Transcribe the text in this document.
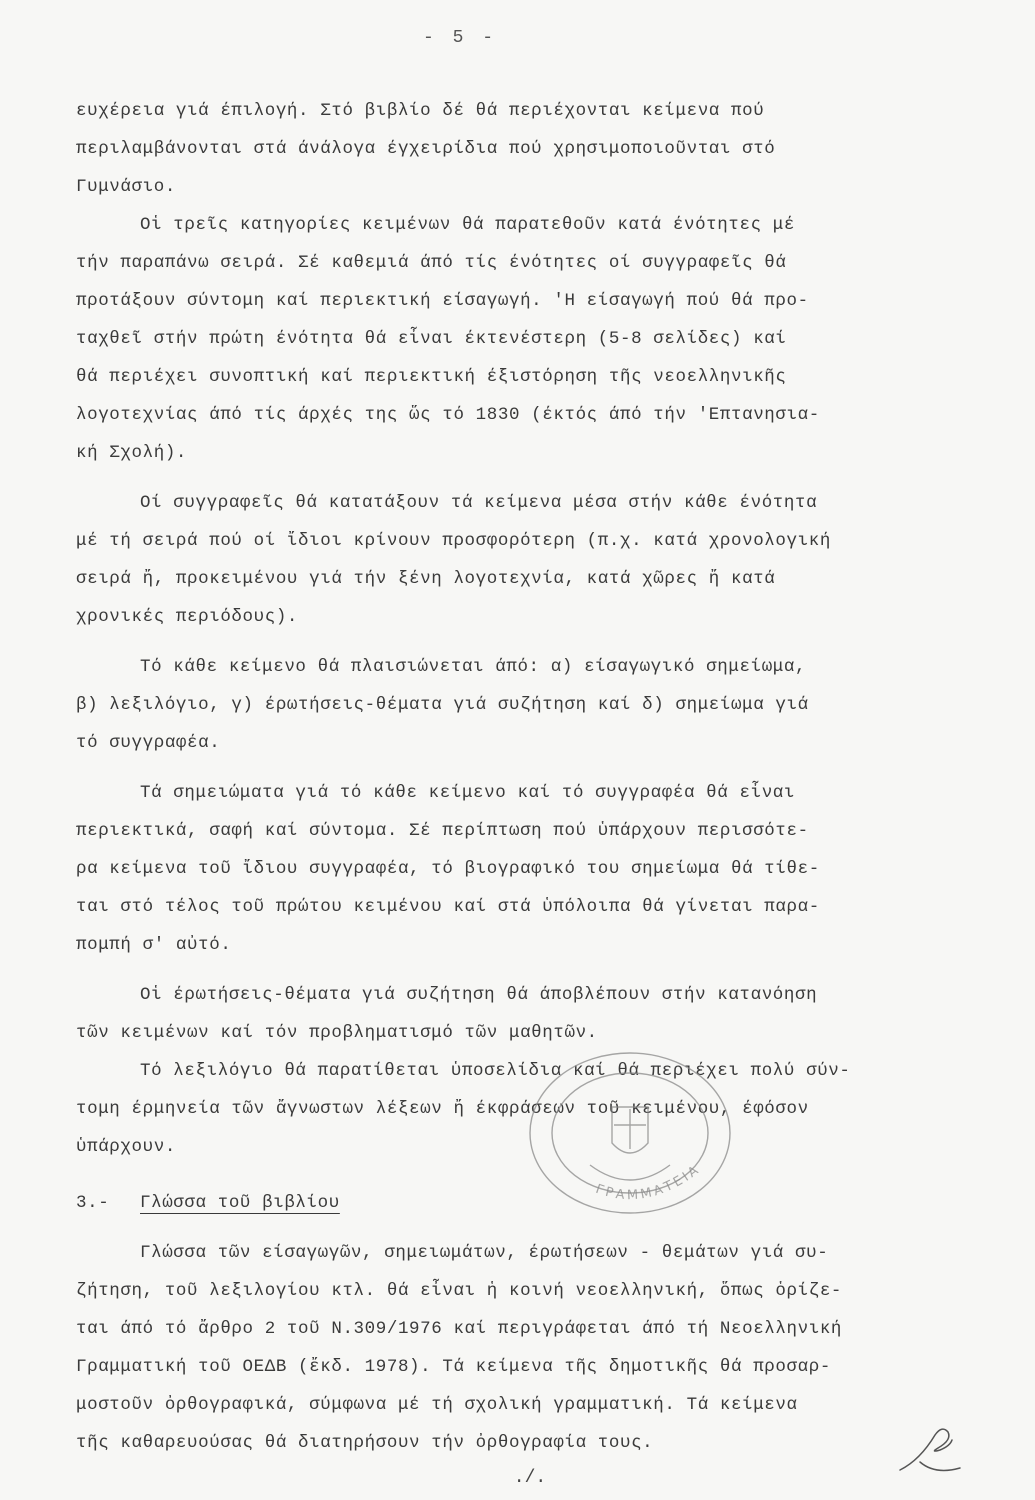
- 5 -

ευχέρεια γιά έπιλογή. Στό βιβλίο δέ θά περιέχονται κείμενα πού
περιλαμβάνονται στά άνάλογα έγχειρίδια πού χρησιμοποιοῦνται στό
Γυμνάσιο.

Οἱ τρεῖς κατηγορίες κειμένων θά παρατεθοῦν κατά ένότητες μέ
τήν παραπάνω σειρά. Σέ καθεμιά άπό τίς ένότητες οί συγγραφεῖς θά
προτάξουν σύντομη καί περιεκτική είσαγωγή. 'Η είσαγωγή πού θά προ-
ταχθεῖ στήν πρώτη ένότητα θά εἶναι έκτενέστερη (5-8 σελίδες) καί
θά περιέχει συνοπτική καί περιεκτική έξιστόρηση τῆς νεοελληνικῆς
λογοτεχνίας άπό τίς άρχές της ὥς τό 1830 (έκτός άπό τήν 'Επτανησια-
κή Σχολή).

Οί συγγραφεῖς θά κατατάξουν τά κείμενα μέσα στήν κάθε ένότητα
μέ τή σειρά πού οί ἴδιοι κρίνουν προσφορότερη (π.χ. κατά χρονολογική
σειρά ἤ, προκειμένου γιά τήν ξένη λογοτεχνία, κατά χῶρες ἤ κατά
χρονικές περιόδους).

Τό κάθε κείμενο θά πλαισιώνεται άπό: α) είσαγωγικό σημείωμα,
β) λεξιλόγιο, γ) έρωτήσεις-θέματα γιά συζήτηση καί δ) σημείωμα γιά
τό συγγραφέα.

Τά σημειώματα γιά τό κάθε κείμενο καί τό συγγραφέα θά εἶναι
περιεκτικά, σαφή καί σύντομα. Σέ περίπτωση πού ὑπάρχουν περισσότε-
ρα κείμενα τοῦ ἴδιου συγγραφέα, τό βιογραφικό του σημείωμα θά τίθε-
ται στό τέλος τοῦ πρώτου κειμένου καί στά ὑπόλοιπα θά γίνεται παρα-
πομπή σ' αὐτό.

Οἱ έρωτήσεις-θέματα γιά συζήτηση θά άποβλέπουν στήν κατανόηση
τῶν κειμένων καί τόν προβληματισμό τῶν μαθητῶν.

Τό λεξιλόγιο θά παρατίθεται ὑποσελίδια καί θά περιέχει πολύ σύν-
τομη έρμηνεία τῶν ἄγνωστων λέξεων ἤ έκφράσεων τοῦ κειμένου, έφόσον
ὑπάρχουν.

3.- Γλώσσα τοῦ βιβλίου

Γλώσσα τῶν είσαγωγῶν, σημειωμάτων, έρωτήσεων - θεμάτων γιά συ-
ζήτηση, τοῦ λεξιλογίου κτλ. θά εἶναι ἡ κοινή νεοελληνική, ὅπως ὁρίζε-
ται άπό τό ἄρθρο 2 τοῦ Ν.309/1976 καί περιγράφεται άπό τή Νεοελληνική
Γραμματική τοῦ ΟΕΔΒ (ἔκδ. 1978). Τά κείμενα τῆς δημοτικῆς θά προσαρ-
μοστοῦν ὀρθογραφικά, σύμφωνα μέ τή σχολική γραμματική. Τά κείμενα
τῆς καθαρευούσας θά διατηρήσουν τήν ὀρθογραφία τους.

ΓΡΑΜΜΑΤΕΙΑ
./.
